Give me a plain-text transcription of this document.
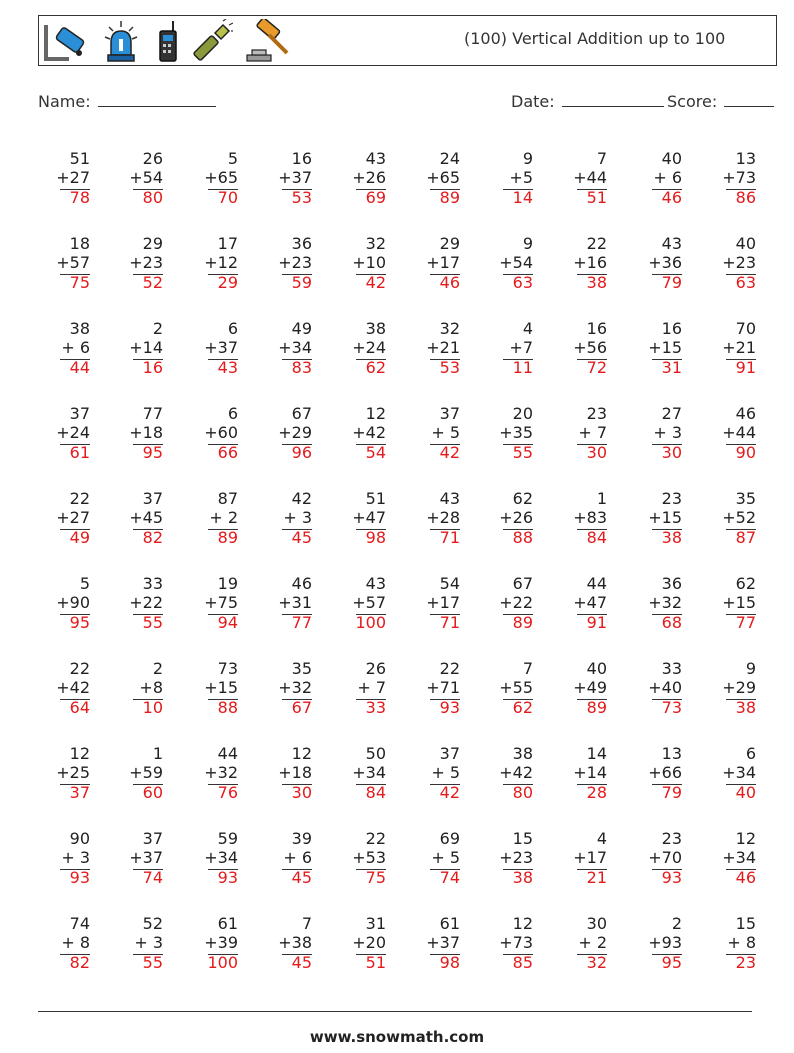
(100) Vertical Addition up to 100
Name:	Date:	Score:
51
+27
78
26
+54
80
5
+65
70
16
+37
53
43
+26
69
24
+65
89
9
+5
14
7
+44
51
40
+ 6
46
13
+73
86
18
+57
75
29
+23
52
17
+12
29
36
+23
59
32
+10
42
29
+17
46
9
+54
63
22
+16
38
43
+36
79
40
+23
63
38
+ 6
44
2
+14
16
6
+37
43
49
+34
83
38
+24
62
32
+21
53
4
+7
11
16
+56
72
16
+15
31
70
+21
91
37
+24
61
77
+18
95
6
+60
66
67
+29
96
12
+42
54
37
+ 5
42
20
+35
55
23
+ 7
30
27
+ 3
30
46
+44
90
22
+27
49
37
+45
82
87
+ 2
89
42
+ 3
45
51
+47
98
43
+28
71
62
+26
88
1
+83
84
23
+15
38
35
+52
87
5
+90
95
33
+22
55
19
+75
94
46
+31
77
43
+57
100
54
+17
71
67
+22
89
44
+47
91
36
+32
68
62
+15
77
22
+42
64
2
+8
10
73
+15
88
35
+32
67
26
+ 7
33
22
+71
93
7
+55
62
40
+49
89
33
+40
73
9
+29
38
12
+25
37
1
+59
60
44
+32
76
12
+18
30
50
+34
84
37
+ 5
42
38
+42
80
14
+14
28
13
+66
79
6
+34
40
90
+ 3
93
37
+37
74
59
+34
93
39
+ 6
45
22
+53
75
69
+ 5
74
15
+23
38
4
+17
21
23
+70
93
12
+34
46
74
+ 8
82
52
+ 3
55
61
+39
100
7
+38
45
31
+20
51
61
+37
98
12
+73
85
30
+ 2
32
2
+93
95
15
+ 8
23
www.snowmath.com
